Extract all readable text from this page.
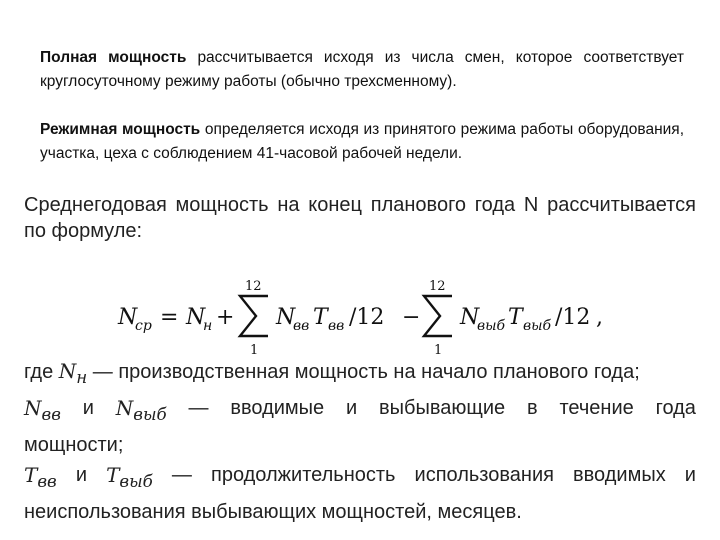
Полная мощность рассчитывается исходя из числа смен, которое соответствует круглосуточному режиму работы (обычно трехсменному).
Режимная мощность определяется исходя из принятого режима работы оборудования, участка, цеха с соблюдением 41-часовой рабочей недели.
Среднегодовая мощность на конец планового года N рассчитывается по формуле:
N
ср = N
н +
12
1
N
вв T вв /12 −
12
1
N
выб T выб /12 ,
где $N_н$ — производственная мощность на начало планового года;
$N_{вв}$ и $N_{выб}$ — вводимые и выбывающие в течение года
мощности;
$T_{вв}$ и $T_{выб}$ — продолжительность использования вводимых и
неиспользования выбывающих мощностей, месяцев.
